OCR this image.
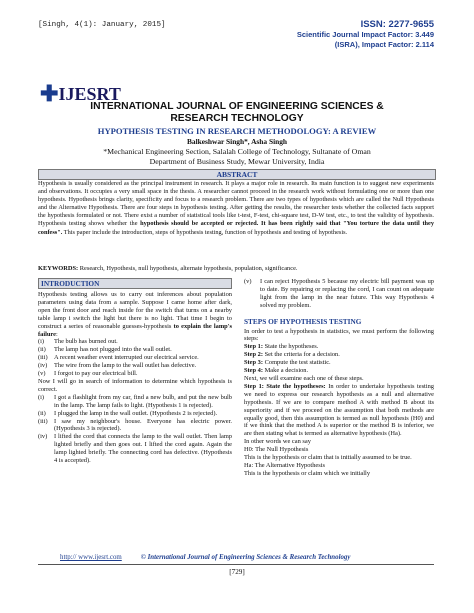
[Singh, 4(1): January, 2015]	ISSN: 2277-9655
Scientific Journal Impact Factor: 3.449
(ISRA), Impact Factor: 2.114
✚IJESRT
INTERNATIONAL JOURNAL OF ENGINEERING SCIENCES & RESEARCH TECHNOLOGY
HYPOTHESIS TESTING IN RESEARCH METHODOLOGY: A REVIEW
Balkeshwar Singh*, Asha Singh
*Mechanical Engineering Section, Salalah College of Technology, Sultanate of Oman
Department of Business Study, Mewar University, India
ABSTRACT
Hypothesis is usually considered as the principal instrument in research. It plays a major role in research. Its main function is to suggest new experiments and observations. It occupies a very small space in the thesis. A researcher cannot proceed in the research work without formulating one or more than one hypothesis. Hypothesis brings clarity, specificity and focus to a research problem. There are two types of hypothesis which are called the Null Hypothesis and the Alternative Hypothesis. There are four steps in hypothesis testing. After getting the results, the researcher tests whether the collected facts support the hypothesis formulated or not. There exist a number of statistical tools like t-test, F-test, chi-square test, D-W test, etc., to test the validity of hypothesis. Hypothesis testing shows whether the hypothesis should be accepted or rejected. It has been rightly said that "You torture the data until they confess". This paper include the introduction, steps of hypothesis testing, function of hypothesis and testing of hypothesis.
KEYWORDS: Research, Hypothesis, null hypothesis, alternate hypothesis, population, significance.
INTRODUCTION

Hypothesis testing allows us to carry out inferences about population parameters using data from a sample. Suppose I came home after dark, open the front door and reach inside for the switch that turns on a nearby table lamp i switch the light but there is no light. That time I begin to construct a series of reasonable guesses-hypothesis to explain the lamp's failure:

(i)	The bulb has burned out.
(ii)	The lamp has not plugged into the wall outlet.
(iii)	A recent weather event interrupted our electrical service.
(iv)	The wire from the lamp to the wall outlet has defective.
(v)	I forgot to pay our electrical bill.

Now I will go in search of information to determine which hypothesis is correct.

(i)	I got a flashlight from my car, find a new bulb, and put the new bulb in the lamp. The lamp fails to light. (Hypothesis 1 is rejected).
(ii)	I plugged the lamp in the wall outlet. (Hypothesis 2 is rejected).
(iii)	I saw my neighbour's house. Everyone has electric power. (Hypothesis 3 is rejected).
(iv)	I lifted the cord that connects the lamp to the wall outlet. Then lamp lighted briefly and then goes out. I lifted the cord again. Again the lamp lighted briefly. The connecting cord has defective. (Hypothesis 4 is accepted).
(v)	I can reject Hypothesis 5 because my electric bill payment was up to date. By repairing or replacing the cord, I can count on adequate light from the lamp in the near future. This way Hypothesis 4 solved my problem.
STEPS OF HYPOTHESIS TESTING

In order to test a hypothesis in statistics, we must perform the following steps:

Step 1: State the hypotheses.
Step 2: Set the criteria for a decision.
Step 3: Compute the test statistic.
Step 4: Make a decision.

Next, we will examine each one of these steps.

Step 1: State the hypotheses: In order to undertake hypothesis testing we need to express our research hypothesis as a null and alternative hypothesis. If we are to compare method A with method B about its superiority and if we proceed on the assumption that both methods are equally good, then this assumption is termed as null hypothesis (H0) and if we think that the method A is superior or the method B is inferior, we are then stating what is termed as alternative hypothesis (Ha).

In other words we can say

H0: The Null Hypothesis

This is the hypothesis or claim that is initially assumed to be true.

Ha: The Alternative Hypothesis

This is the hypothesis or claim which we initially

http:// www.ijesrt.com	© International Journal of Engineering Sciences & Research Technology
[729]
